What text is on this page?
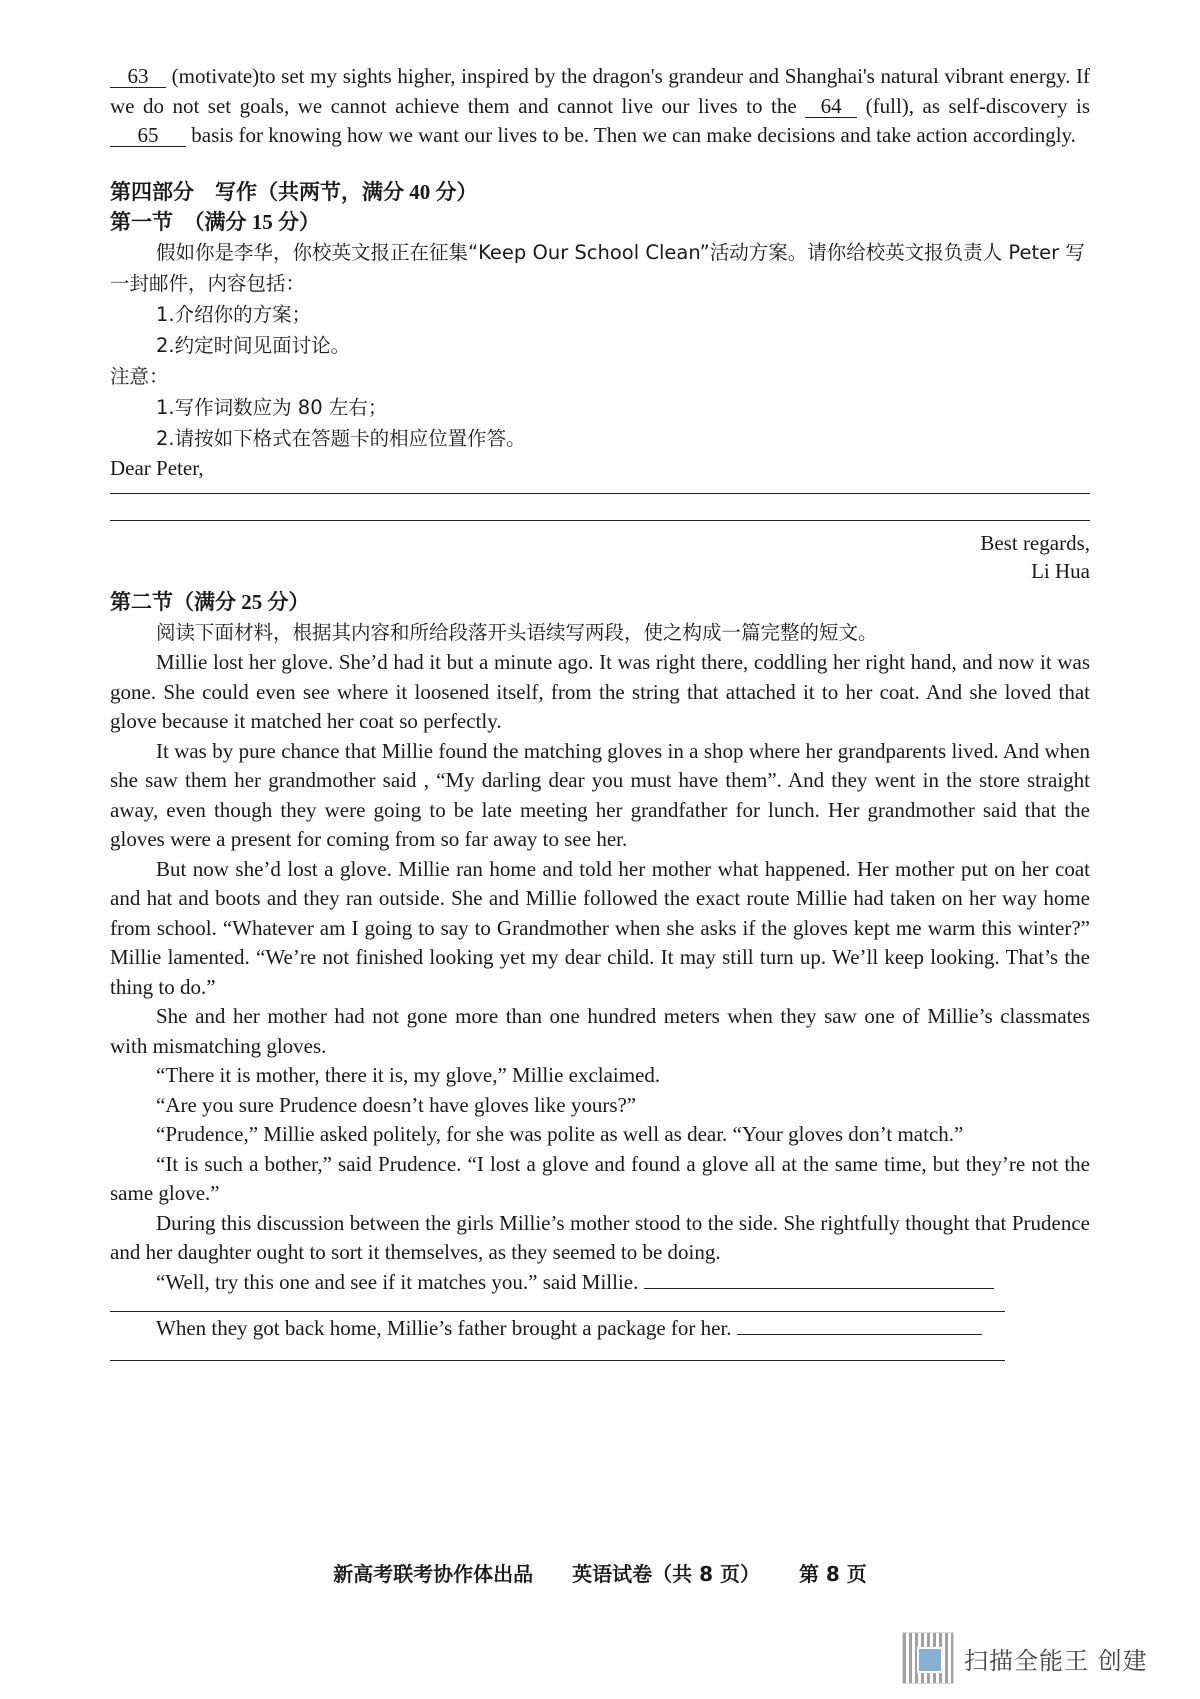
63 (motivate)to set my sights higher, inspired by the dragon's grandeur and Shanghai's natural vibrant energy. If we do not set goals, we cannot achieve them and cannot live our lives to the 64 (full), as self-discovery is 65 basis for knowing how we want our lives to be. Then we can make decisions and take action accordingly.

第四部分　写作（共两节，满分 40 分）

第一节　（满分 15 分）

假如你是李华，你校英文报正在征集“Keep Our School Clean”活动方案。请你给校英文报负责人 Peter 写一封邮件，内容包括：

1.介绍你的方案；

2.约定时间见面讨论。

注意：

1.写作词数应为 80 左右；

2.请按如下格式在答题卡的相应位置作答。

Dear Peter,

Best regards,

Li Hua

第二节（满分 25 分）

阅读下面材料，根据其内容和所给段落开头语续写两段，使之构成一篇完整的短文。

Millie lost her glove. She’d had it but a minute ago. It was right there, coddling her right hand, and now it was gone. She could even see where it loosened itself, from the string that attached it to her coat. And she loved that glove because it matched her coat so perfectly.

It was by pure chance that Millie found the matching gloves in a shop where her grandparents lived. And when she saw them her grandmother said , “My darling dear you must have them”. And they went in the store straight away, even though they were going to be late meeting her grandfather for lunch. Her grandmother said that the gloves were a present for coming from so far away to see her.

But now she’d lost a glove. Millie ran home and told her mother what happened. Her mother put on her coat and hat and boots and they ran outside. She and Millie followed the exact route Millie had taken on her way home from school. “Whatever am I going to say to Grandmother when she asks if the gloves kept me warm this winter?” Millie lamented. “We’re not finished looking yet my dear child. It may still turn up. We’ll keep looking. That’s the thing to do.”

She and her mother had not gone more than one hundred meters when they saw one of Millie’s classmates with mismatching gloves.

“There it is mother, there it is, my glove,” Millie exclaimed.

“Are you sure Prudence doesn’t have gloves like yours?”

“Prudence,” Millie asked politely, for she was polite as well as dear. “Your gloves don’t match.”

“It is such a bother,” said Prudence. “I lost a glove and found a glove all at the same time, but they’re not the same glove.”

During this discussion between the girls Millie’s mother stood to the side. She rightfully thought that Prudence and her daughter ought to sort it themselves, as they seemed to be doing.

“Well, try this one and see if it matches you.” said Millie.

When they got back home, Millie’s father brought a package for her.

新高考联考协作体出品 英语试卷（共 8 页） 第 8 页
扫描全能王 创建
